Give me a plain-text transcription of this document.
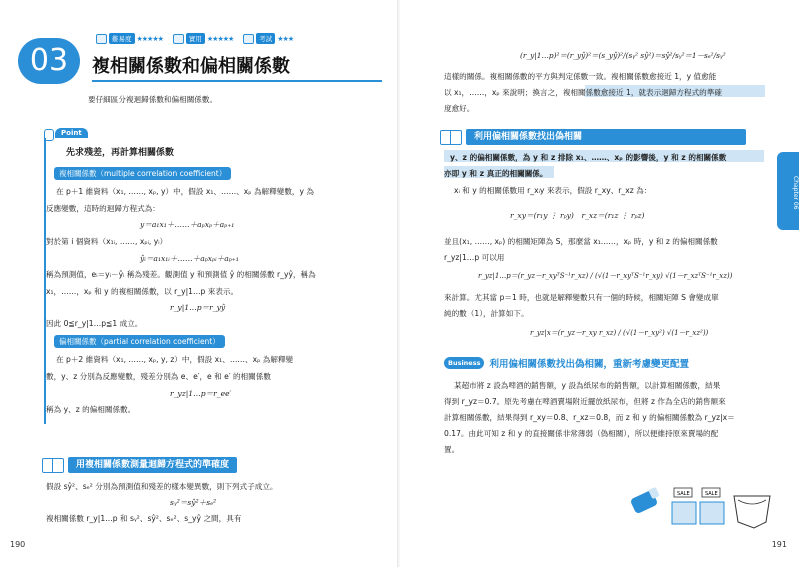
難易度 ★★★★★	實用 ★★★★★	考試 ★★★
03	複相關係數和偏相關係數
要仔細區分複迴歸係數和偏相關係數。
Point
先求殘差，再計算相關係數
複相關係數（multiple correlation coefficient）
在 p＋1 維資料（x₁, ……, xₚ, y）中，假設 x₁、……、xₚ 為解釋變數，y 為
反應變數，這時的迴歸方程式為：
y＝a₁x₁＋……＋aₚxₚ＋aₚ₊₁
對於第 i 個資料（x₁ᵢ, ……, xₚᵢ, yᵢ）
ŷᵢ＝a₁x₁ᵢ＋……＋aₚxₚᵢ＋aₚ₊₁
稱為預測值，eᵢ＝yᵢ－ŷᵢ 稱為殘差。觀測值 y 和預測值 ŷ 的相關係數 r_yŷ，稱為
x₁，……，xₚ 和 y 的複相關係數，以 r_y|1…p 來表示。
r_y|1…p＝r_yŷ
因此 0≦r_y|1…p≦1 成立。
偏相關係數（partial correlation coefficient）
在 p＋2 維資料（x₁, ……, xₚ, y, z）中，假設 x₁、……、xₚ 為解釋變
數，y、z 分別為反應變數，殘差分別為 e、e′，e 和 e′ 的相關係數
r_yz|1…p＝r_ee′
稱為 y、z 的偏相關係數。
用複相關係數測量迴歸方程式的準確度
假設 sŷ²、sₑ² 分別為預測值和殘差的樣本變異數，則下列式子成立。
sᵧ²＝sŷ²＋sₑ²
複相關係數 r_y|1…p 和 sᵧ²、sŷ²、sₑ²、s_yŷ 之間，具有
190
(r_y|1…p)²＝(r_yŷ)²＝(s_yŷ)²/(sᵧ² sŷ²)＝sŷ²/sᵧ²＝1－sₑ²/sᵧ²
這樣的關係。複相關係數的平方與判定係數一致。複相關係數愈接近 1，y 值愈能
以 x₁，……，xₚ 來說明；換言之，複相關係數愈接近 1，就表示迴歸方程式的準確
度愈好。
利用偏相關係數找出偽相關
y、z 的偏相關係數，為 y 和 z 排除 x₁、……、xₚ 的影響後，y 和 z 的相關係數
亦即 y 和 z 真正的相關關係。
xᵢ 和 y 的相關係數用 r_xᵢy 來表示，假設 r_xy、r_xz 為：
r_xy＝(r₁y ⋮ rₚy)　r_xz＝(r₁z ⋮ rₚz)
並且(x₁, ……, xₚ) 的相關矩陣為 S，那麼當 x₁……，xₚ 時，y 和 z 的偏相關係數
r_yz|1…p 可以用
r_yz|1…p＝(r_yz－r_xyᵀS⁻¹r_xz) / (√(1－r_xyᵀS⁻¹r_xy) √(1－r_xzᵀS⁻¹r_xz))
來計算。尤其當 p＝1 時，也就是解釋變數只有一個的時候，相關矩陣 S 會變成單
純的數（1），計算如下。
r_yz|x＝(r_yz－r_xy r_xz) / (√(1－r_xy²) √(1－r_xz²))
Business 利用偏相關係數找出偽相關，重新考慮變更配置
某超市將 z 設為啤酒的銷售額，y 設為紙尿布的銷售額，以計算相關係數，結果
得到 r_yz＝0.7。原先考慮在啤酒賣場附近擺放紙尿布，但將 z 作為全店的銷售額來
計算相關係數，結果得到 r_xy＝0.8、r_xz＝0.8，而 z 和 y 的偏相關係數為 r_yz|x＝
0.17。由此可知 z 和 y 的直接關係非常薄弱（偽相關），所以便維持原來賣場的配
置。
Chapter 06
迴歸分析
191
SALE	SALE
